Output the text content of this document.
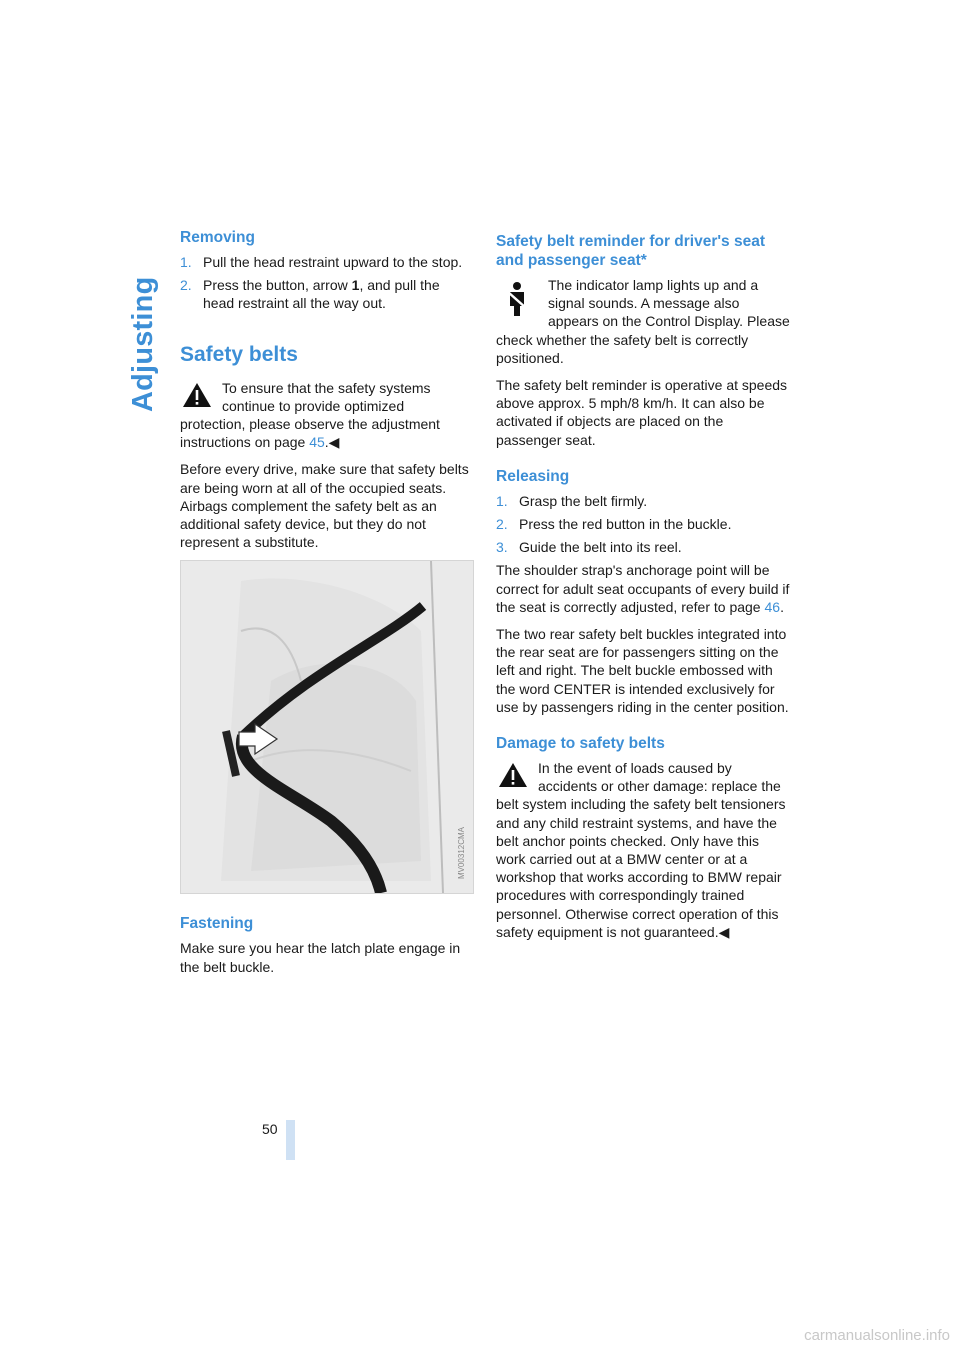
Adjusting
Removing
1. Pull the head restraint upward to the stop.
2. Press the button, arrow 1, and pull the head restraint all the way out.
Safety belts
To ensure that the safety systems continue to provide optimized protection, please observe the adjustment instructions on page 45.◀

Before every drive, make sure that safety belts are being worn at all of the occupied seats. Airbags complement the safety belt as an additional safety device, but they do not represent a substitute.

MV00312CMA
Fastening

Make sure you hear the latch plate engage in the belt buckle.

Safety belt reminder for driver's seat and passenger seat*
The indicator lamp lights up and a signal sounds. A message also appears on the Control Display. Please check whether the safety belt is correctly positioned.

The safety belt reminder is operative at speeds above approx. 5 mph/8 km/h. It can also be activated if objects are placed on the passenger seat.

Releasing
1. Grasp the belt firmly.
2. Press the red button in the buckle.
3. Guide the belt into its reel.

The shoulder strap's anchorage point will be correct for adult seat occupants of every build if the seat is correctly adjusted, refer to page 46.

The two rear safety belt buckles integrated into the rear seat are for passengers sitting on the left and right. The belt buckle embossed with the word CENTER is intended exclusively for use by passengers riding in the center position.

Damage to safety belts
In the event of loads caused by accidents or other damage: replace the belt system including the safety belt tensioners and any child restraint systems, and have the belt anchor points checked. Only have this work carried out at a BMW center or at a workshop that works according to BMW repair procedures with correspondingly trained personnel. Otherwise correct operation of this safety equipment is not guaranteed.◀
50
carmanualsonline.info
